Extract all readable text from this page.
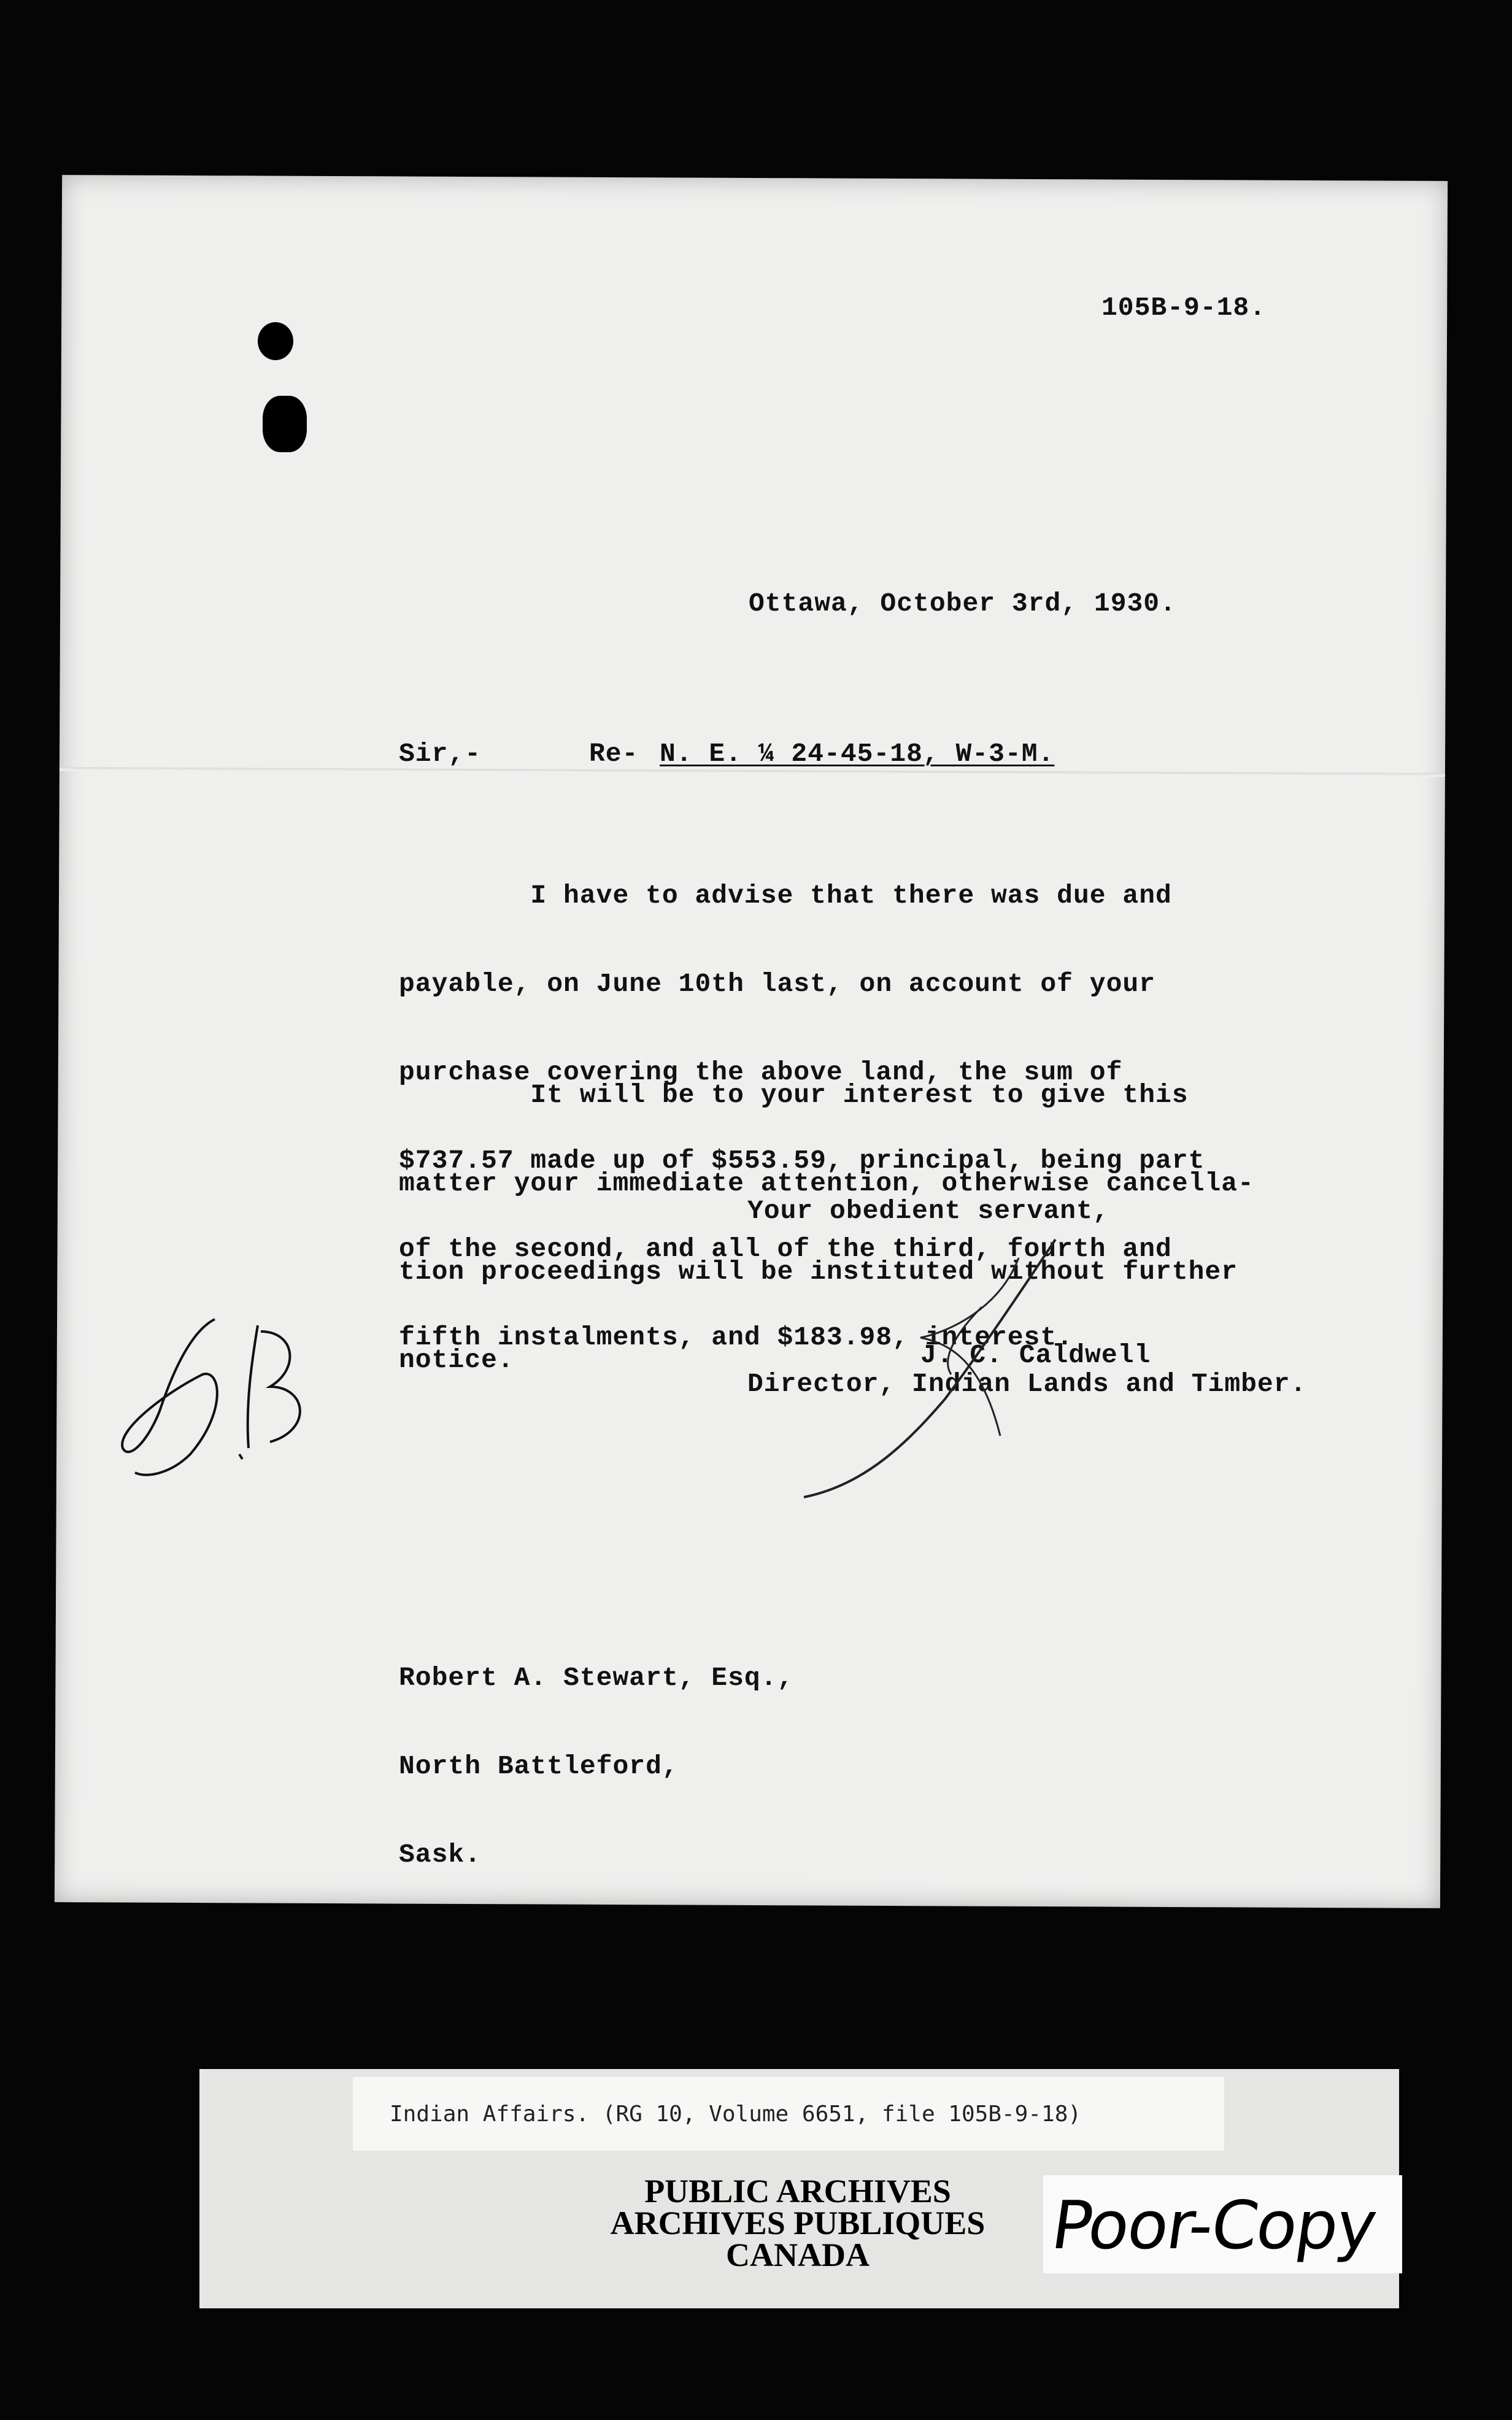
105B-9-18.
Ottawa, October 3rd, 1930.
Sir,-	Re- N. E. ¼ 24-45-18, W-3-M.

I have to advise that there was due and

payable, on June 10th last, on account of your

purchase covering the above land, the sum of

$737.57 made up of $553.59, principal, being part

of the second, and all of the third, fourth and

fifth instalments, and $183.98, interest.

It will be to your interest to give this

matter your immediate attention, otherwise cancella-

tion proceedings will be instituted without further

notice.

Your obedient servant,
J. C. Caldwell
Director, Indian Lands and Timber.

Robert A. Stewart, Esq.,

North Battleford,

Sask.

Indian Affairs. (RG 10, Volume 6651, file 105B-9-18)
PUBLIC ARCHIVES
ARCHIVES PUBLIQUES
CANADA	Poor-Copy
